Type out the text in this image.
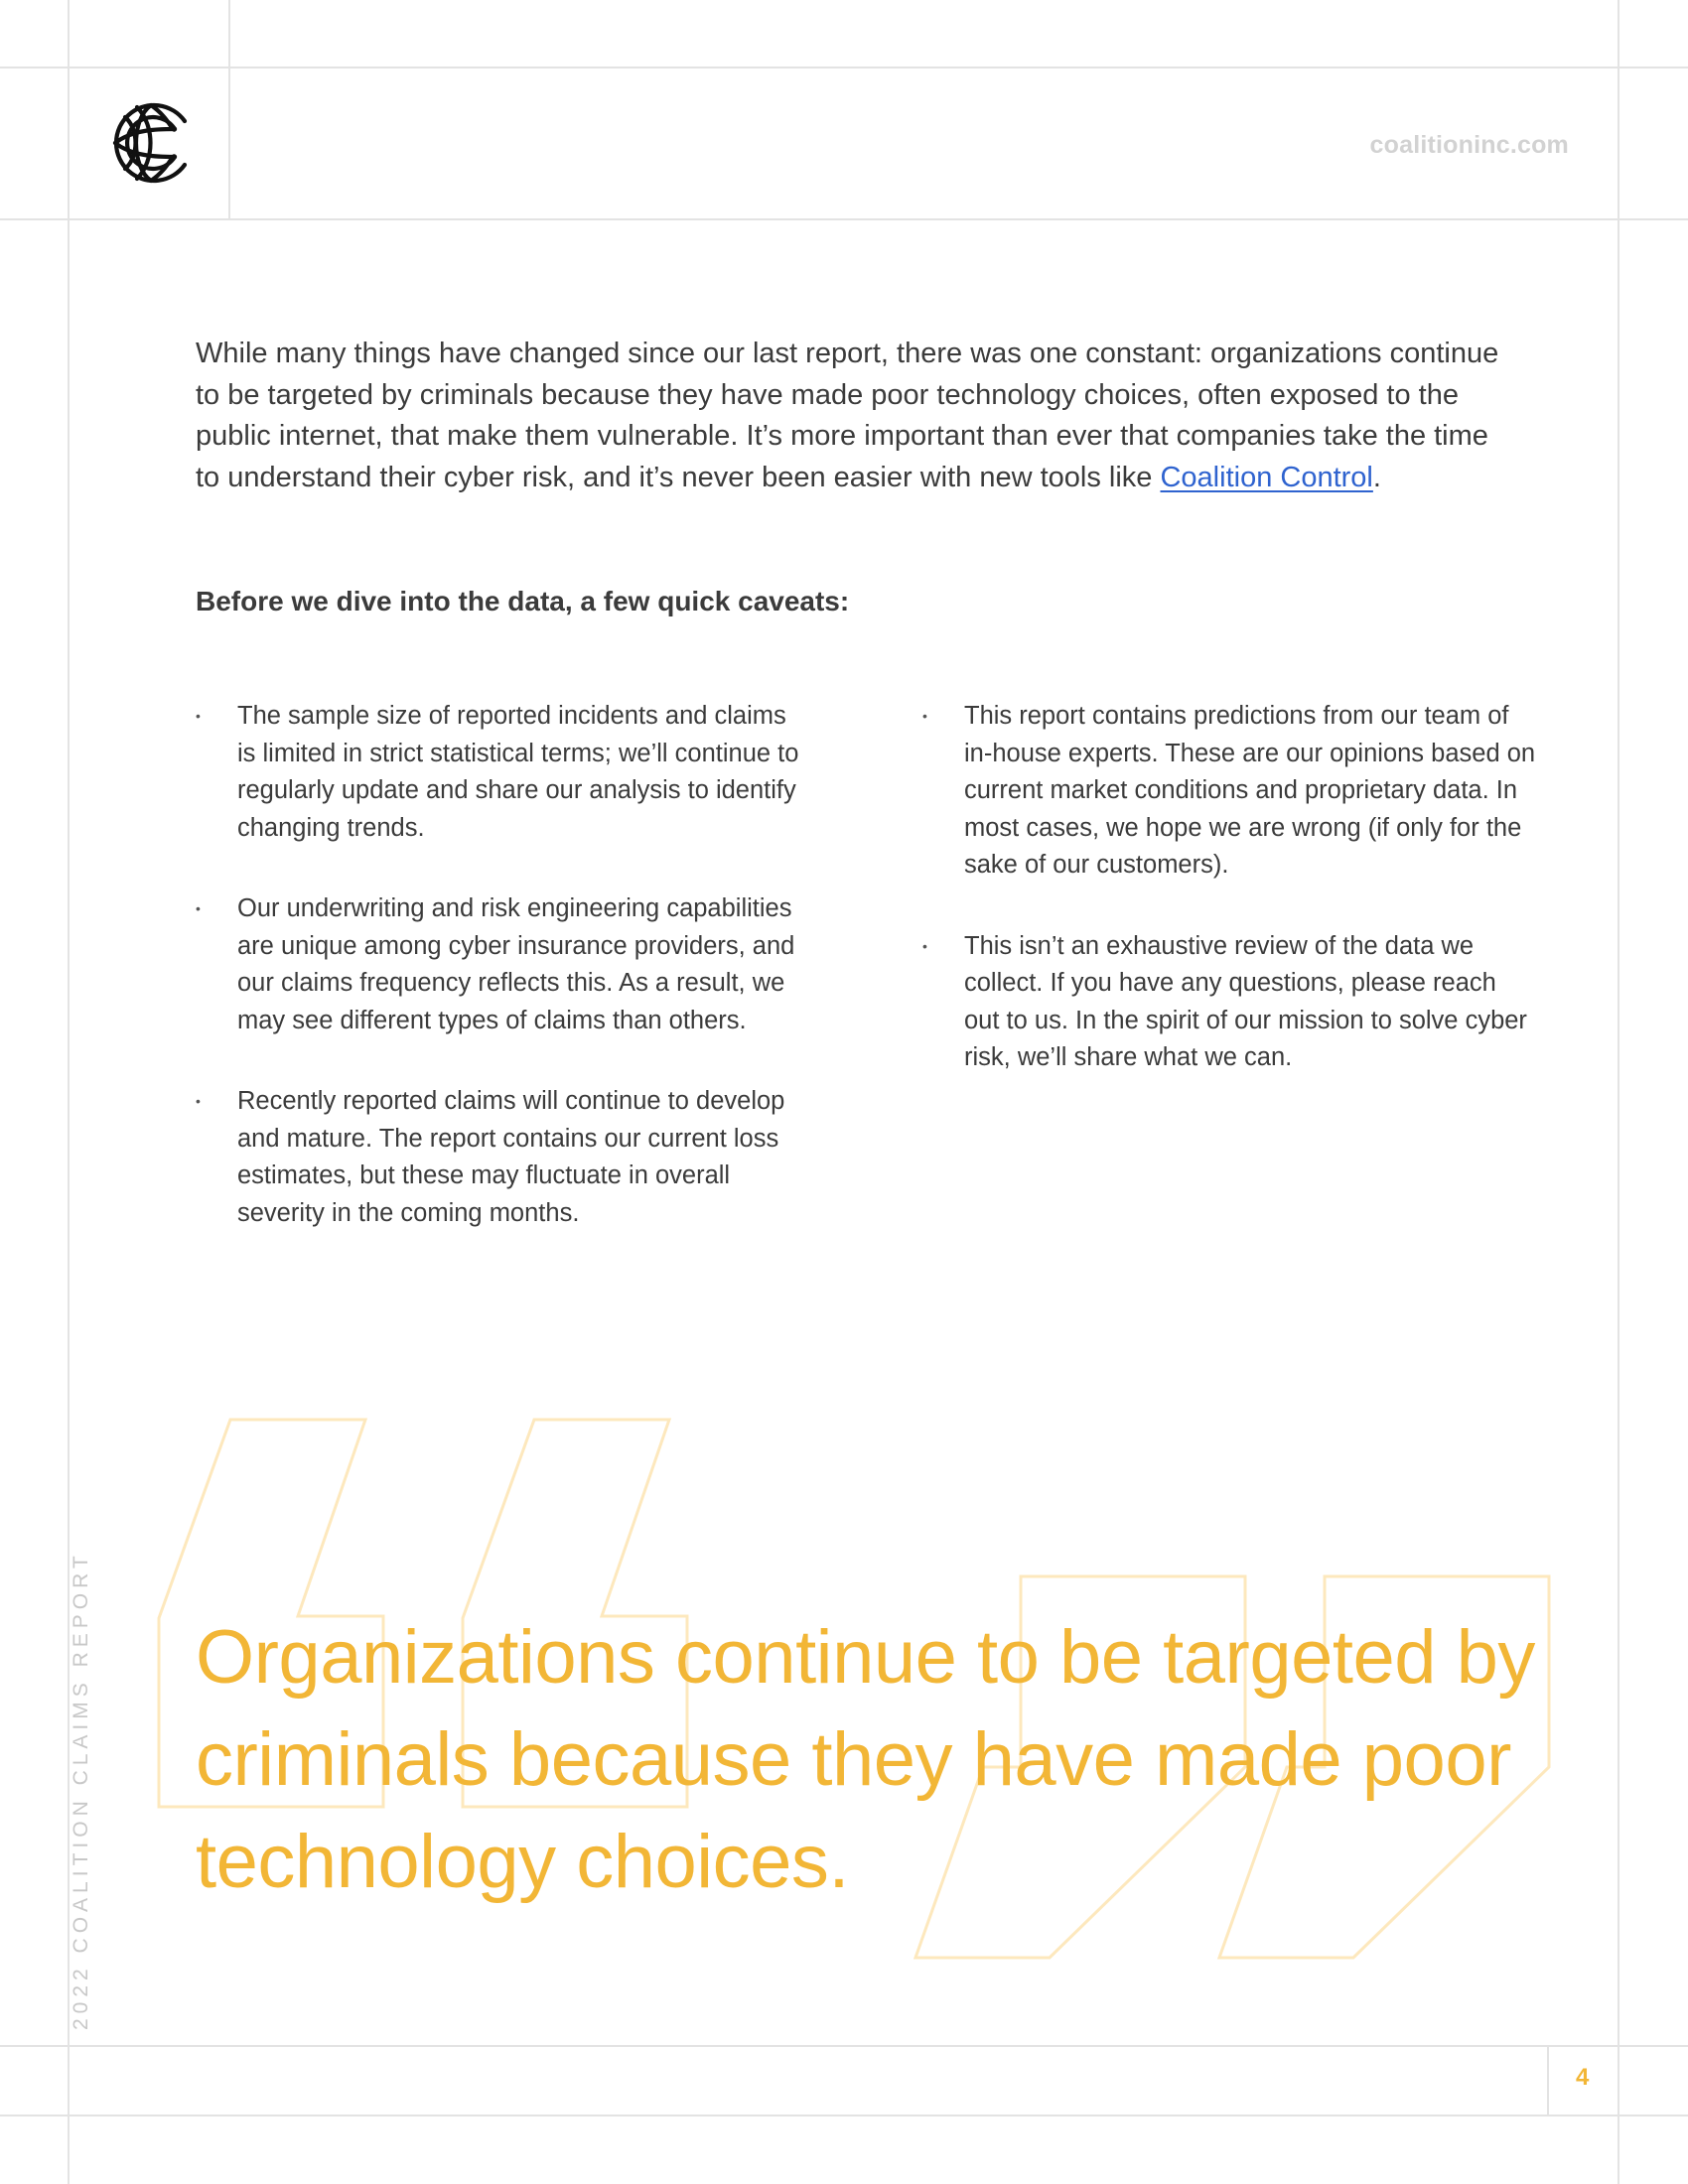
coalitioninc.com

While many things have changed since our last report, there was one constant: organizations continue to be targeted by criminals because they have made poor technology choices, often exposed to the public internet, that make them vulnerable. It’s more important than ever that companies take the time to understand their cyber risk, and it’s never been easier with new tools like Coalition Control.

Before we dive into the data, a few quick caveats:
• The sample size of reported incidents and claims is limited in strict statistical terms; we’ll continue to regularly update and share our analysis to identify changing trends.
• Our underwriting and risk engineering capabilities are unique among cyber insurance providers, and our claims frequency reflects this. As a result, we may see different types of claims than others.
• Recently reported claims will continue to develop and mature. The report contains our current loss estimates, but these may fluctuate in overall severity in the coming months.
• This report contains predictions from our team of in-house experts. These are our opinions based on current market conditions and proprietary data. In most cases, we hope we are wrong (if only for the sake of our customers).
• This isn’t an exhaustive review of the data we collect. If you have any questions, please reach out to us. In the spirit of our mission to solve cyber risk, we’ll share what we can.

Organizations continue to be targeted by criminals because they have made poor technology choices.

2022 COALITION CLAIMS REPORT
4
